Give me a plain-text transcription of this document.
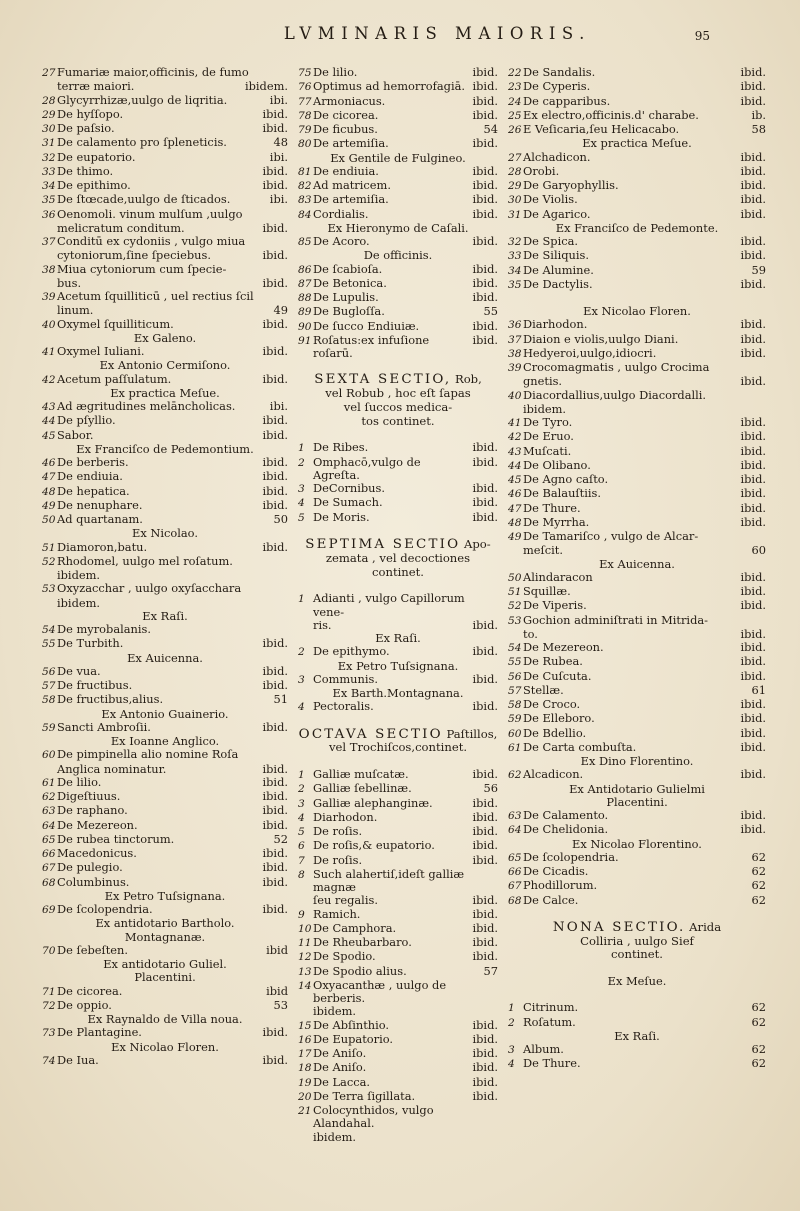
LVMINARIS MAIORIS.	95
27 Fumariæ maior,officinis, de fumo
terræ maiori.	ibidem.
28 Glycyrrhizæ,uulgo de liqritia.	ibi.
29 De hyſſopo.	ibid.
30 De paſsio.	ibid.
31 De calamento pro ſpleneticis.	48
32 De eupatorio.	ibi.
33 De thimo.	ibid.
34 De epithimo.	ibid.
35 De ſtœcade,uulgo de ſticados.	ibi.
36 Oenomoli. vinum mulſum ,uulgo
melicratum conditum.	ibid.
37 Conditū ex cydoniis , vulgo miua
cytoniorum,ſine ſpeciebus.	ibid.
38 Miua cytoniorum cum ſpecie-
bus.	ibid.
39 Acetum ſquilliticū , uel rectius ſcil
linum.	49
40 Oxymel ſquilliticum.	ibid.
Ex Galeno.
41 Oxymel Iuliani.	ibid.
Ex Antonio Cermiſono.
42 Acetum paſſulatum.	ibid.
Ex practica Meſue.
43 Ad ægritudines melāncholicas.	ibi.
44 De pſyllio.	ibid.
45 Sabor.	ibid.
Ex Franciſco de Pedemontium.
46 De berberis.	ibid.
47 De endiuia.	ibid.
48 De hepatica.	ibid.
49 De nenuphare.	ibid.
50 Ad quartanam.	50
Ex Nicolao.
51 Diamoron,batu.	ibid.
52 Rhodomel, uulgo mel roſatum.
ibidem.
53 Oxyzacchar , uulgo oxyſacchara
ibidem.
Ex Raſi.
54 De myrobalanis.
55 De Turbith.	ibid.
Ex Auicenna.
56 De vua.	ibid.
57 De fructibus.	ibid.
58 De fructibus,alius.	51
Ex Antonio Guainerio.
59 Sancti Ambroſii.	ibid.
Ex Ioanne Anglico.
60 De pimpinella alio nomine Roſa
Anglica nominatur.	ibid.
61 De lilio.	ibid.
62 Digeſtiuus.	ibid.
63 De raphano.	ibid.
64 De Mezereon.	ibid.
65 De rubea tinctorum.	52
66 Macedonicus.	ibid.
67 De pulegio.	ibid.
68 Columbinus.	ibid.
Ex Petro Tuſsignana.
69 De ſcolopendria.	ibid.
Ex antidotario Bartholo.
Montagnanæ.
70 De ſebeſten.	ibid
Ex antidotario Guliel.
Placentini.
71 De cicorea.	ibid
72 De oppio.	53
Ex Raynaldo de Villa noua.
73 De Plantagine.	ibid.
Ex Nicolao Floren.
74 De Iua.	ibid.
75 De lilio.	ibid.
76 Optimus ad hemorrofagiā. ibid.
77 Armoniacus.	ibid.
78 De cicorea.	ibid.
79 De ficubus.	54
80 De artemiſia.	ibid.
Ex Gentile de Fulgineo.
81 De endiuia.	ibid.
82 Ad matricem.	ibid.
83 De artemiſia.	ibid.
84 Cordialis.	ibid.
Ex Hieronymo de Caſali.
85 De Acoro.	ibid.
De officinis.
86 De ſcabioſa.	ibid.
87 De Betonica.	ibid.
88 De Lupulis.	ibid.
89 De Bugloſſa.	55
90 De ſucco Endiuiæ.	ibid.
91 Roſatus:ex infuſione roſarū.
ibid.
SEXTA SECTIO, Rob,
vel Robub , hoc eſt ſapas
vel ſuccos medica-
tos continet.
1 De Ribes.	ibid.
2 Omphacō,vulgo de Agreſta.
ibid.
3 DeCornibus.	ibid.
4 De Sumach.	ibid.
5 De Moris.	ibid.
SEPTIMA SECTIO Apo-
zemata , vel decoctiones
continet.
1 Adianti , vulgo Capillorum vene-
ris.	ibid.
Ex Raſi.
2 De epithymo.	ibid.
Ex Petro Tuſsignana.
3 Communis.	ibid.
Ex Barth.Montagnana.
4 Pectoralis.	ibid.
OCTAVA SECTIO Paſtillos,
vel Trochiſcos,continet.
1 Galliæ muſcatæ.	ibid.
2 Galliæ ſebellinæ.	56
3 Galliæ alephanginæ.	ibid.
4 Diarhodon.	ibid.
5 De roſis.	ibid.
6 De roſis,& eupatorio.	ibid.
7 De roſis.	ibid.
8 Such alahertiſ,ideſt galliæ magnæ
ſeu regalis.	ibid.
9 Ramich.	ibid.
10 De Camphora.	ibid.
11 De Rheubarbaro.	ibid.
12 De Spodio.	ibid.
13 De Spodio alius.	57
14 Oxyacanthæ , uulgo de berberis.
ibidem.
15 De Abſinthio.	ibid.
16 De Eupatorio.	ibid.
17 De Aniſo.	ibid.
18 De Aniſo.	ibid.
19 De Lacca.	ibid.
20 De Terra ſigillata.	ibid.
21 Colocynthidos, vulgo Alandahal.
ibidem.
22 De Sandalis.	ibid.
23 De Cyperis.	ibid.
24 De capparibus.	ibid.
25 Ex electro,officinis.d' charabe.	ib.
26 E Veſicaria,ſeu Helicacabo.	58
Ex practica Meſue.
27 Alchadicon.	ibid.
28 Orobi.	ibid.
29 De Garyophyllis.	ibid.
30 De Violis.	ibid.
31 De Agarico.	ibid.
Ex Franciſco de Pedemonte.
32 De Spica.	ibid.
33 De Siliquis.	ibid.
34 De Alumine.	59
35 De Dactylis.	ibid.
Ex Nicolao Floren.
36 Diarhodon.	ibid.
37 Diaion e violis,uulgo Diani.	ibid.
38 Hedyeroi,uulgo,idiocri.	ibid.
39 Crocomagmatis , uulgo Crocima
gnetis.	ibid.
40 Diacordallius,uulgo Diacordalli.
ibidem.
41 De Tyro.	ibid.
42 De Eruo.	ibid.
43 Muſcati.	ibid.
44 De Olibano.	ibid.
45 De Agno caſto.	ibid.
46 De Balauſtiis.	ibid.
47 De Thure.	ibid.
48 De Myrrha.	ibid.
49 De Tamariſco , vulgo de Alcar-
meſcit.	60
Ex Auicenna.
50 Alindaracon	ibid.
51 Squillæ.	ibid.
52 De Viperis.	ibid.
53 Gochion adminiſtrati in Mitrida-
to.	ibid.
54 De Mezereon.	ibid.
55 De Rubea.	ibid.
56 De Cuſcuta.	ibid.
57 Stellæ.	61
58 De Croco.	ibid.
59 De Elleboro.	ibid.
60 De Bdellio.	ibid.
61 De Carta combuſta.	ibid.
Ex Dino Florentino.
62 Alcadicon.	ibid.
Ex Antidotario Gulielmi
Placentini.
63 De Calamento.	ibid.
64 De Chelidonia.	ibid.
Ex Nicolao Florentino.
65 De ſcolopendria.	62
66 De Cicadis.	62
67 Phodillorum.	62
68 De Calce.	62
NONA SECTIO. Arida
Colliria , uulgo Sief
continet.
Ex Meſue.
1 Citrinum.	62
2 Roſatum.	62
Ex Raſi.
3 Album.	62
4 De Thure.	62
